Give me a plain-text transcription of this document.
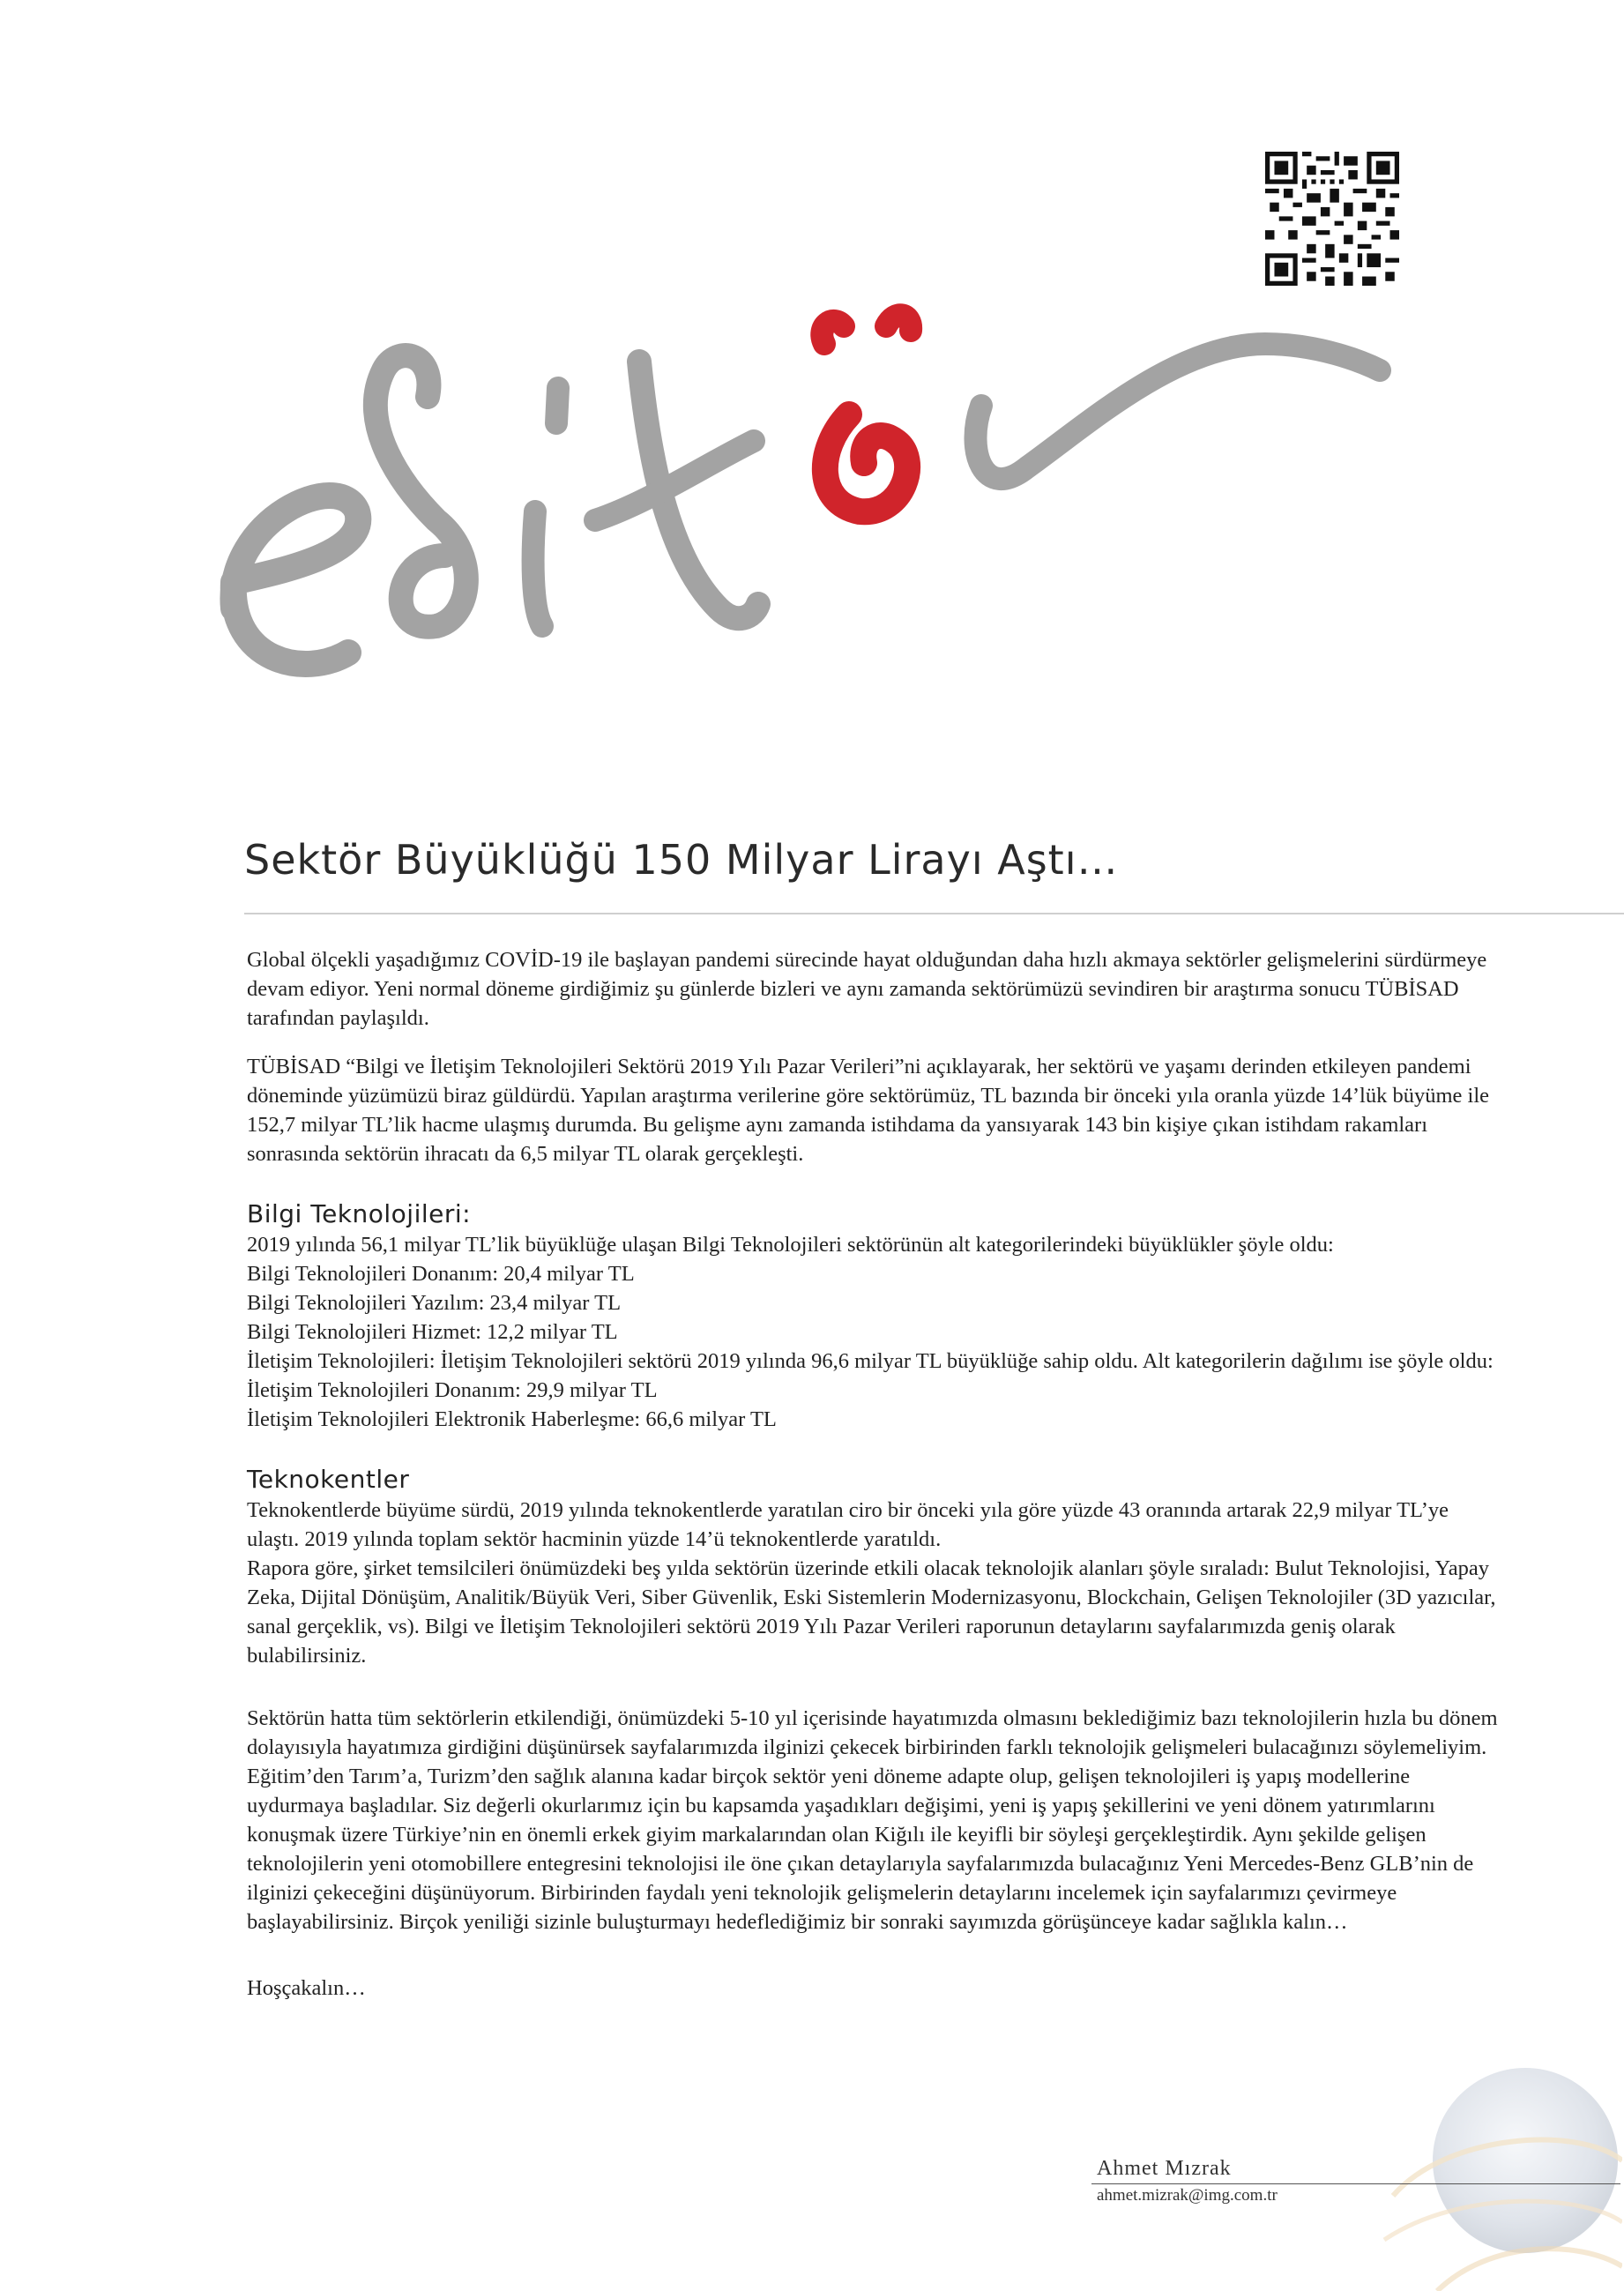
Sektör Büyüklüğü 150 Milyar Lirayı Aştı…

Global ölçekli yaşadığımız COVİD-19 ile başlayan pandemi sürecinde hayat olduğundan daha hızlı akmaya sektörler gelişmelerini sürdürmeye devam ediyor. Yeni normal döneme girdiğimiz şu günlerde bizleri ve aynı zamanda sektörümüzü sevindiren bir araştırma sonucu TÜBİSAD tarafından paylaşıldı.

TÜBİSAD “Bilgi ve İletişim Teknolojileri Sektörü 2019 Yılı Pazar Verileri”ni açıklayarak, her sektörü ve yaşamı derinden etkileyen pandemi döneminde yüzümüzü biraz güldürdü. Yapılan araştırma verilerine göre sektörümüz, TL bazında bir önceki yıla oranla yüzde 14’lük büyüme ile 152,7 milyar TL’lik hacme ulaşmış durumda. Bu gelişme aynı zamanda istihdama da yansıyarak 143 bin kişiye çıkan istihdam rakamları sonrasında sektörün ihracatı da 6,5 milyar TL olarak gerçekleşti.

Bilgi Teknolojileri:
2019 yılında 56,1 milyar TL’lik büyüklüğe ulaşan Bilgi Teknolojileri sektörünün alt kategorilerindeki büyüklükler şöyle oldu:
Bilgi Teknolojileri Donanım: 20,4 milyar TL
Bilgi Teknolojileri Yazılım: 23,4 milyar TL
Bilgi Teknolojileri Hizmet: 12,2 milyar TL
İletişim Teknolojileri: İletişim Teknolojileri sektörü 2019 yılında 96,6 milyar TL büyüklüğe sahip oldu. Alt kategorilerin dağılımı ise şöyle oldu:
İletişim Teknolojileri Donanım: 29,9 milyar TL
İletişim Teknolojileri Elektronik Haberleşme: 66,6 milyar TL
Teknokentler
Teknokentlerde büyüme sürdü, 2019 yılında teknokentlerde yaratılan ciro bir önceki yıla göre yüzde 43 oranında artarak 22,9 milyar TL’ye ulaştı. 2019 yılında toplam sektör hacminin yüzde 14’ü teknokentlerde yaratıldı.
Rapora göre, şirket temsilcileri önümüzdeki beş yılda sektörün üzerinde etkili olacak teknolojik alanları şöyle sıraladı: Bulut Teknolojisi, Yapay Zeka, Dijital Dönüşüm, Analitik/Büyük Veri, Siber Güvenlik, Eski Sistemlerin Modernizasyonu, Blockchain, Gelişen Teknolojiler (3D yazıcılar, sanal gerçeklik, vs). Bilgi ve İletişim Teknolojileri sektörü 2019 Yılı Pazar Verileri raporunun detaylarını sayfalarımızda geniş olarak bulabilirsiniz.

Sektörün hatta tüm sektörlerin etkilendiği, önümüzdeki 5-10 yıl içerisinde hayatımızda olmasını beklediğimiz bazı teknolojilerin hızla bu dönem dolayısıyla hayatımıza girdiğini düşünürsek sayfalarımızda ilginizi çekecek birbirinden farklı teknolojik gelişmeleri bulacağınızı söylemeliyim. Eğitim’den Tarım’a, Turizm’den sağlık alanına kadar birçok sektör yeni döneme adapte olup, gelişen teknolojileri iş yapış modellerine uydurmaya başladılar. Siz değerli okurlarımız için bu kapsamda yaşadıkları değişimi, yeni iş yapış şekillerini ve yeni dönem yatırımlarını konuşmak üzere Türkiye’nin en önemli erkek giyim markalarından olan Kiğılı ile keyifli bir söyleşi gerçekleştirdik. Aynı şekilde gelişen teknolojilerin yeni otomobillere entegresini teknolojisi ile öne çıkan detaylarıyla sayfalarımızda bulacağınız Yeni Mercedes-Benz GLB’nin de ilginizi çekeceğini düşünüyorum. Birbirinden faydalı yeni teknolojik gelişmelerin detaylarını incelemek için sayfalarımızı çevirmeye başlayabilirsiniz. Birçok yeniliği sizinle buluşturmayı hedeflediğimiz bir sonraki sayımızda görüşünceye kadar sağlıkla kalın…

Hoşçakalın…

Ahmet Mızrak
ahmet.mizrak@img.com.tr
